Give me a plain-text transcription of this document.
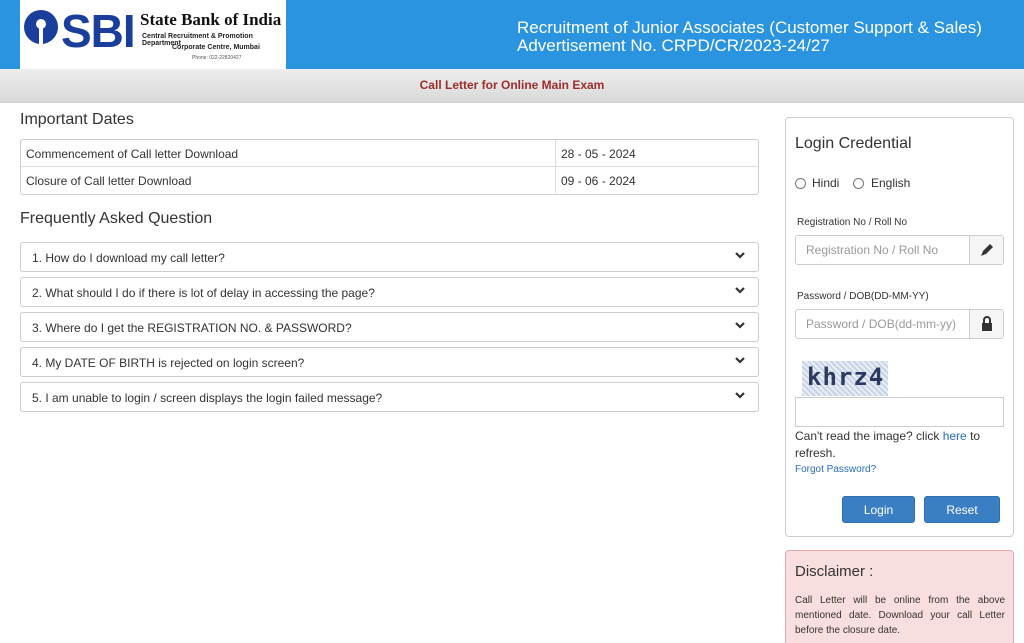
SBI State Bank of India
Central Recruitment & Promotion Department
Corporate Centre, Mumbai
Phone: 022-22820427
Recruitment of Junior Associates (Customer Support & Sales)
Advertisement No. CRPD/CR/2023-24/27
Call Letter for Online Main Exam
Important Dates
Commencement of Call letter Download	28 - 05 - 2024
Closure of Call letter Download	09 - 06 - 2024
Frequently Asked Question
1. How do I download my call letter?
2. What should I do if there is lot of delay in accessing the page?
3. Where do I get the REGISTRATION NO. & PASSWORD?
4. My DATE OF BIRTH is rejected on login screen?
5. I am unable to login / screen displays the login failed message?
Login Credential
Hindi	English
Registration No / Roll No
Registration No / Roll No
Password / DOB(DD-MM-YY)
khrz4
Can't read the image? click here to refresh.
Forgot Password?
Login	Reset
Disclaimer :
Call Letter will be online from the above mentioned date. Download your call Letter before the closure date.
